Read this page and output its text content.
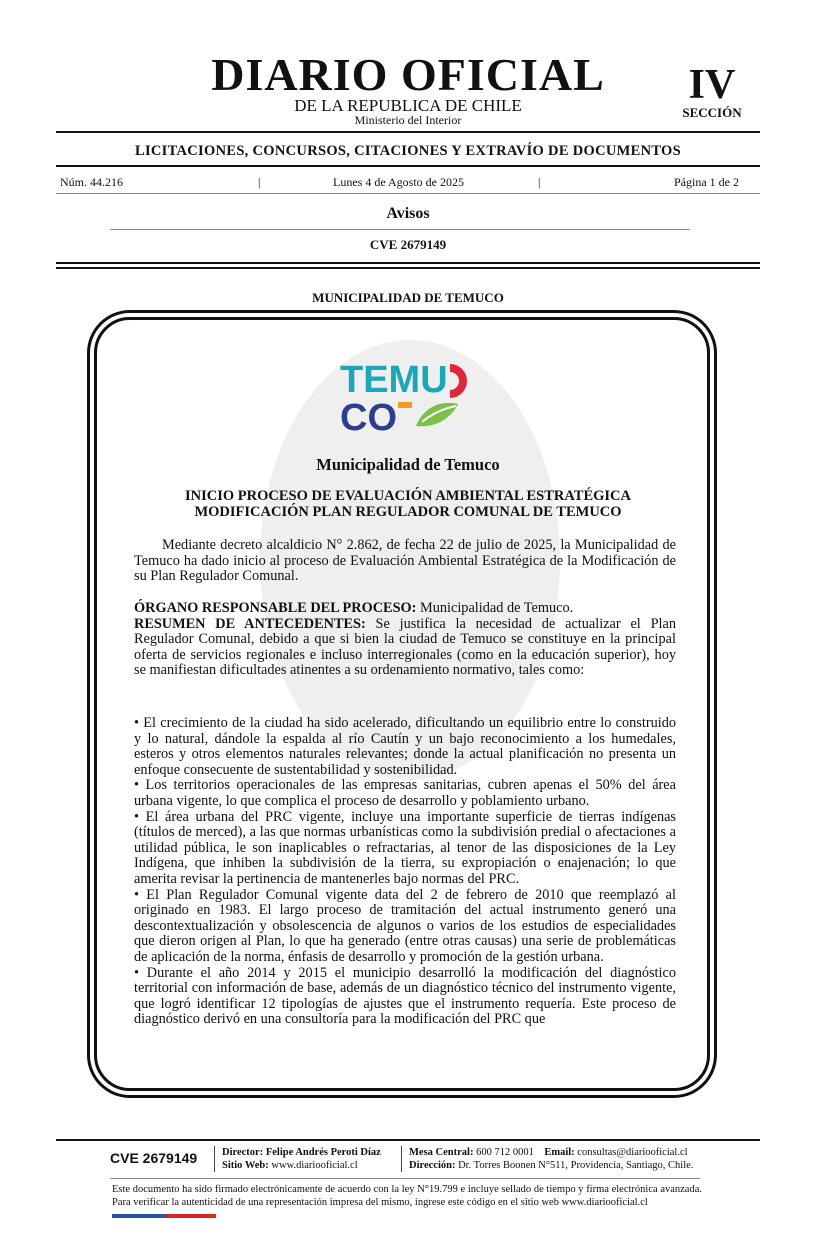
DIARIO OFICIAL
DE LA REPUBLICA DE CHILE
Ministerio del Interior
IV
SECCIÓN
LICITACIONES, CONCURSOS, CITACIONES Y EXTRAVÍO DE DOCUMENTOS
Núm. 44.216	|	Lunes 4 de Agosto de 2025	|	Página 1 de 2
Avisos
CVE 2679149
MUNICIPALIDAD DE TEMUCO
TEMU
CO
Municipalidad de Temuco
INICIO PROCESO DE EVALUACIÓN AMBIENTAL ESTRATÉGICA
MODIFICACIÓN PLAN REGULADOR COMUNAL DE TEMUCO

Mediante decreto alcaldicio N° 2.862, de fecha 22 de julio de 2025, la Municipalidad de Temuco ha dado inicio al proceso de Evaluación Ambiental Estratégica de la Modificación de su Plan Regulador Comunal.

ÓRGANO RESPONSABLE DEL PROCESO: Municipalidad de Temuco.

RESUMEN DE ANTECEDENTES: Se justifica la necesidad de actualizar el Plan Regulador Comunal, debido a que si bien la ciudad de Temuco se constituye en la principal oferta de servicios regionales e incluso interregionales (como en la educación superior), hoy se manifiestan dificultades atinentes a su ordenamiento normativo, tales como:

• El crecimiento de la ciudad ha sido acelerado, dificultando un equilibrio entre lo construido y lo natural, dándole la espalda al río Cautín y un bajo reconocimiento a los humedales, esteros y otros elementos naturales relevantes; donde la actual planificación no presenta un enfoque consecuente de sustentabilidad y sostenibilidad.

• Los territorios operacionales de las empresas sanitarias, cubren apenas el 50% del área urbana vigente, lo que complica el proceso de desarrollo y poblamiento urbano.

• El área urbana del PRC vigente, incluye una importante superficie de tierras indígenas (títulos de merced), a las que normas urbanísticas como la subdivisión predial o afectaciones a utilidad pública, le son inaplicables o refractarias, al tenor de las disposiciones de la Ley Indígena, que inhiben la subdivisión de la tierra, su expropiación o enajenación; lo que amerita revisar la pertinencia de mantenerles bajo normas del PRC.

• El Plan Regulador Comunal vigente data del 2 de febrero de 2010 que reemplazó al originado en 1983. El largo proceso de tramitación del actual instrumento generó una descontextualización y obsolescencia de algunos o varios de los estudios de especialidades que dieron origen al Plan, lo que ha generado (entre otras causas) una serie de problemáticas de aplicación de la norma, énfasis de desarrollo y promoción de la gestión urbana.

• Durante el año 2014 y 2015 el municipio desarrolló la modificación del diagnóstico territorial con información de base, además de un diagnóstico técnico del instrumento vigente, que logró identificar 12 tipologías de ajustes que el instrumento requería. Este proceso de diagnóstico derivó en una consultoría para la modificación del PRC que

CVE 2679149 Director: Felipe Andrés Peroti Díaz
Sitio Web: www.diariooficial.cl
Mesa Central: 600 712 0001 Email: consultas@diariooficial.cl
Dirección: Dr. Torres Boonen N°511, Providencia, Santiago, Chile.
Este documento ha sido firmado electrónicamente de acuerdo con la ley N°19.799 e incluye sellado de tiempo y firma electrónica avanzada. Para verificar la autenticidad de una representación impresa del mismo, ingrese este código en el sitio web www.diariooficial.cl
